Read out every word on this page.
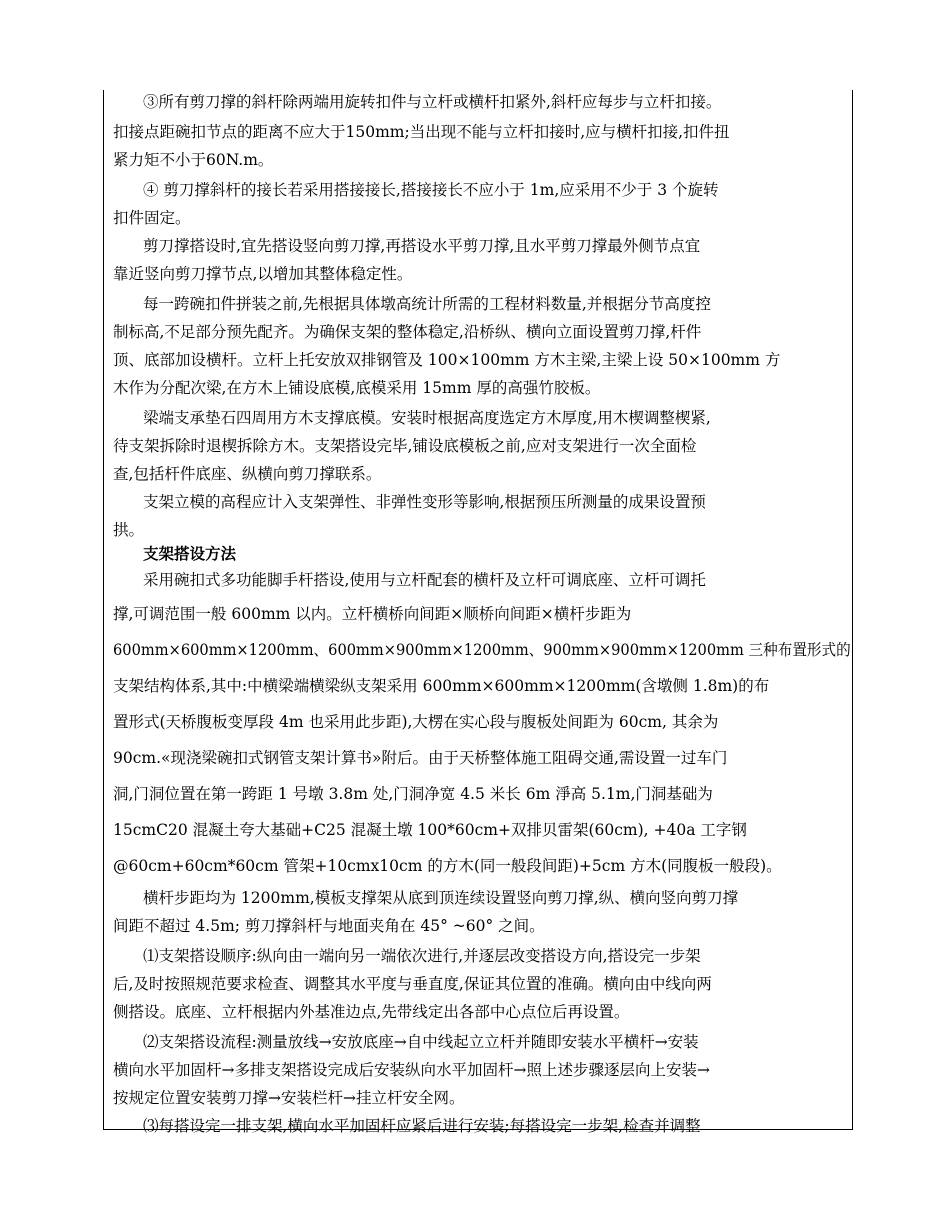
③所有剪刀撑的斜杆除两端用旋转扣件与立杆或横杆扣紧外,斜杆应每步与立杆扣接。
扣接点距碗扣节点的距离不应大于150mm;当出现不能与立杆扣接时,应与横杆扣接,扣件扭
紧力矩不小于60N.m。
④ 剪刀撑斜杆的接长若采用搭接接长,搭接接长不应小于 1m,应采用不少于 3 个旋转
扣件固定。
剪刀撑搭设时,宜先搭设竖向剪刀撑,再搭设水平剪刀撑,且水平剪刀撑最外侧节点宜
靠近竖向剪刀撑节点,以增加其整体稳定性。
每一跨碗扣件拼装之前,先根据具体墩高统计所需的工程材料数量,并根据分节高度控
制标高,不足部分预先配齐。为确保支架的整体稳定,沿桥纵、横向立面设置剪刀撑,杆件
顶、底部加设横杆。立杆上托安放双排钢管及 100×100mm 方木主梁,主梁上设 50×100mm 方
木作为分配次梁,在方木上铺设底模,底模采用 15mm 厚的高强竹胶板。
梁端支承垫石四周用方木支撑底模。安装时根据高度选定方木厚度,用木楔调整楔紧,
待支架拆除时退楔拆除方木。支架搭设完毕,铺设底模板之前,应对支架进行一次全面检
查,包括杆件底座、纵横向剪刀撑联系。
支架立模的高程应计入支架弹性、非弹性变形等影响,根据预压所测量的成果设置预
拱。
支架搭设方法
采用碗扣式多功能脚手杆搭设,使用与立杆配套的横杆及立杆可调底座、立杆可调托
撑,可调范围一般 600mm 以内。立杆横桥向间距×顺桥向间距×横杆步距为
600mm×600mm×1200mm、600mm×900mm×1200mm、900mm×900mm×1200mm 三种布置形式的
支架结构体系,其中:中横梁端横梁纵支架采用 600mm×600mm×1200mm(含墩侧 1.8m)的布
置形式(天桥腹板变厚段 4m 也采用此步距),大楞在实心段与腹板处间距为 60cm, 其余为
90cm.«现浇梁碗扣式钢管支架计算书»附后。由于天桥整体施工阻碍交通,需设置一过车门
洞,门洞位置在第一跨距 1 号墩 3.8m 处,门洞净宽 4.5 米长 6m 淨高 5.1m,门洞基础为
15cmC20 混凝土夸大基础+C25 混凝土墩 100*60cm+双排贝雷架(60cm), +40a 工字钢
@60cm+60cm*60cm 管架+10cmx10cm 的方木(同一般段间距)+5cm 方木(同腹板一般段)。
横杆步距均为 1200mm,模板支撑架从底到顶连续设置竖向剪刀撑,纵、横向竖向剪刀撑
间距不超过 4.5m; 剪刀撑斜杆与地面夹角在 45° ~60° 之间。
⑴支架搭设顺序:纵向由一端向另一端依次进行,并逐层改变搭设方向,搭设完一步架
后,及时按照规范要求检查、调整其水平度与垂直度,保证其位置的准确。横向由中线向两
侧搭设。底座、立杆根据内外基准边点,先带线定出各部中心点位后再设置。
⑵支架搭设流程:测量放线→安放底座→自中线起立立杆并随即安装水平横杆→安装
横向水平加固杆→多排支架搭设完成后安装纵向水平加固杆→照上述步骤逐层向上安装→
按规定位置安装剪刀撑→安装栏杆→挂立杆安全网。
⑶每搭设完一排支架,横向水平加固杆应紧后进行安装;每搭设完一步架,检查并调整
